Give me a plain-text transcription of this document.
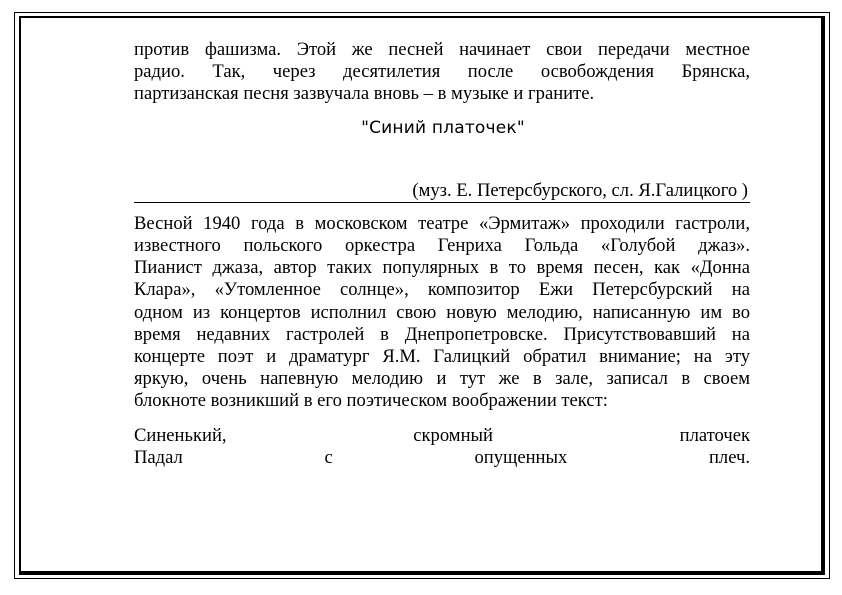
против фашизма. Этой же песней начинает свои передачи местное

радио. Так, через десятилетия после освобождения Брянска,

партизанская песня зазвучала вновь – в музыке и граните.

"Синий платочек"
(муз. Е. Петерсбурского, сл. Я.Галицкого )

Весной 1940 года в московском театре «Эрмитаж» проходили гастроли,

известного польского оркестра Генриха Гольда «Голубой джаз».

Пианист джаза, автор таких популярных в то время песен, как «Донна

Клара», «Утомленное солнце», композитор Ежи Петерсбурский на

одном из концертов исполнил свою новую мелодию, написанную им во

время недавних гастролей в Днепропетровске. Присутствовавший на

концерте поэт и драматург Я.М. Галицкий обратил внимание; на эту

яркую, очень напевную мелодию и тут же в зале, записал в своем

блокноте возникший в его поэтическом воображении текст:

Синенький, скромный платочек

Падал с опущенных плеч.
